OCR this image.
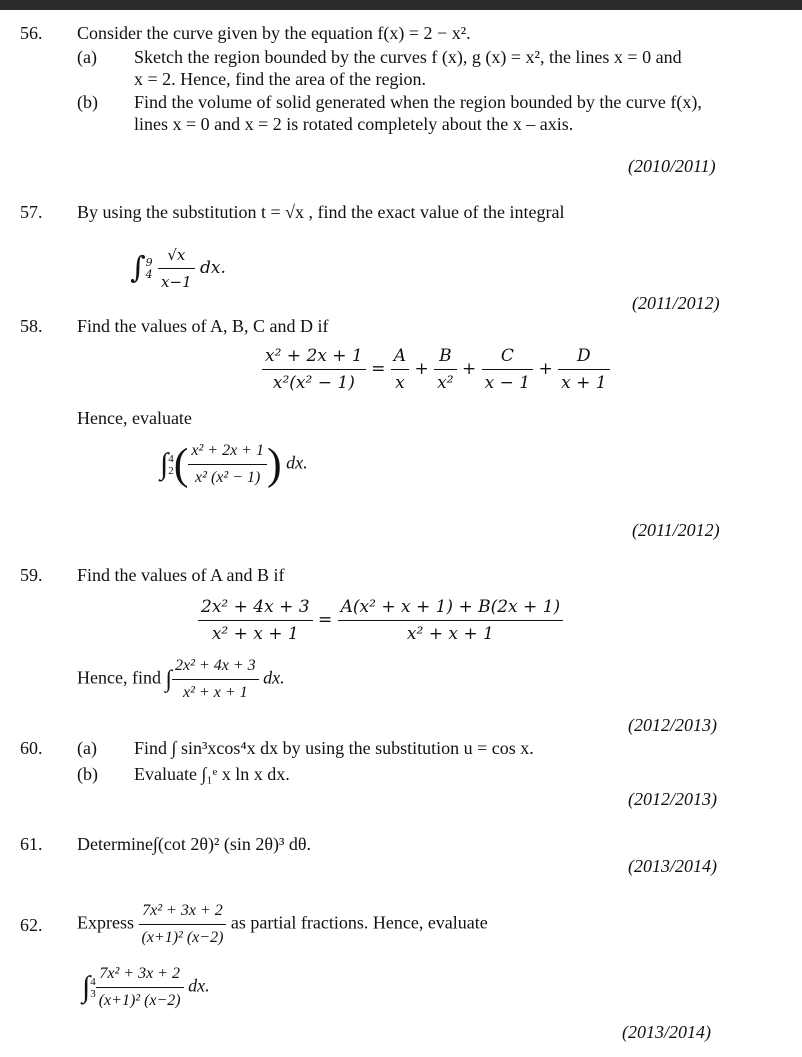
56. Consider the curve given by the equation f(x) = 2 − x².
(a) Sketch the region bounded by the curves f (x), g (x) = x², the lines x = 0 and
x = 2. Hence, find the area of the region.
(b) Find the volume of solid generated when the region bounded by the curve f(x),
lines x = 0 and x = 2 is rotated completely about the x – axis.
(2010/2011)
57. By using the substitution t = √x , find the exact value of the integral
∫ 9
4
$\frac{√x}{x-1}$ dx.
(2011/2012)
58. Find the values of A, B, C and D if
$\frac{\text{x² + 2x + 1}}{\text{x²(x² − 1)}} = \frac{A}{x} + \frac{B}{\text{x²}} + \frac{C}{x - 1} + \frac{D}{x + 1}$
Hence, evaluate
∫ 4
2 ( $\frac{\text{x² + 2x + 1}}{\text{x² (x² − 1)}}$ ) dx.
(2011/2012)
59. Find the values of A and B if
$\frac{\text{2x² + 4x + 3}}{\text{x² + x + 1}} = \frac{\text{A(x² + x + 1) + B(2x + 1)}}{\text{x² + x + 1}}$
Hence, find ∫ $\frac{\text{2x² + 4x + 3}}{\text{x² + x + 1}}$ dx.
(2012/2013)
60. (a) Find ∫ sin³xcos⁴x dx by using the substitution u = cos x.
(b) Evaluate ∫₁ᵉ x ln x dx.
(2012/2013)
61. Determine∫(cot 2θ)² (sin 2θ)³ dθ.
(2013/2014)
62. Express $\frac{\text{7x² + 3x + 2}}{\text{(x+1)² (x−2)}}$ as partial fractions. Hence, evaluate
∫ 4
$3 \frac{\text{7x² + 3x + 2}}{\text{(x+1)² (x−2)}}$ dx.
(2013/2014)
